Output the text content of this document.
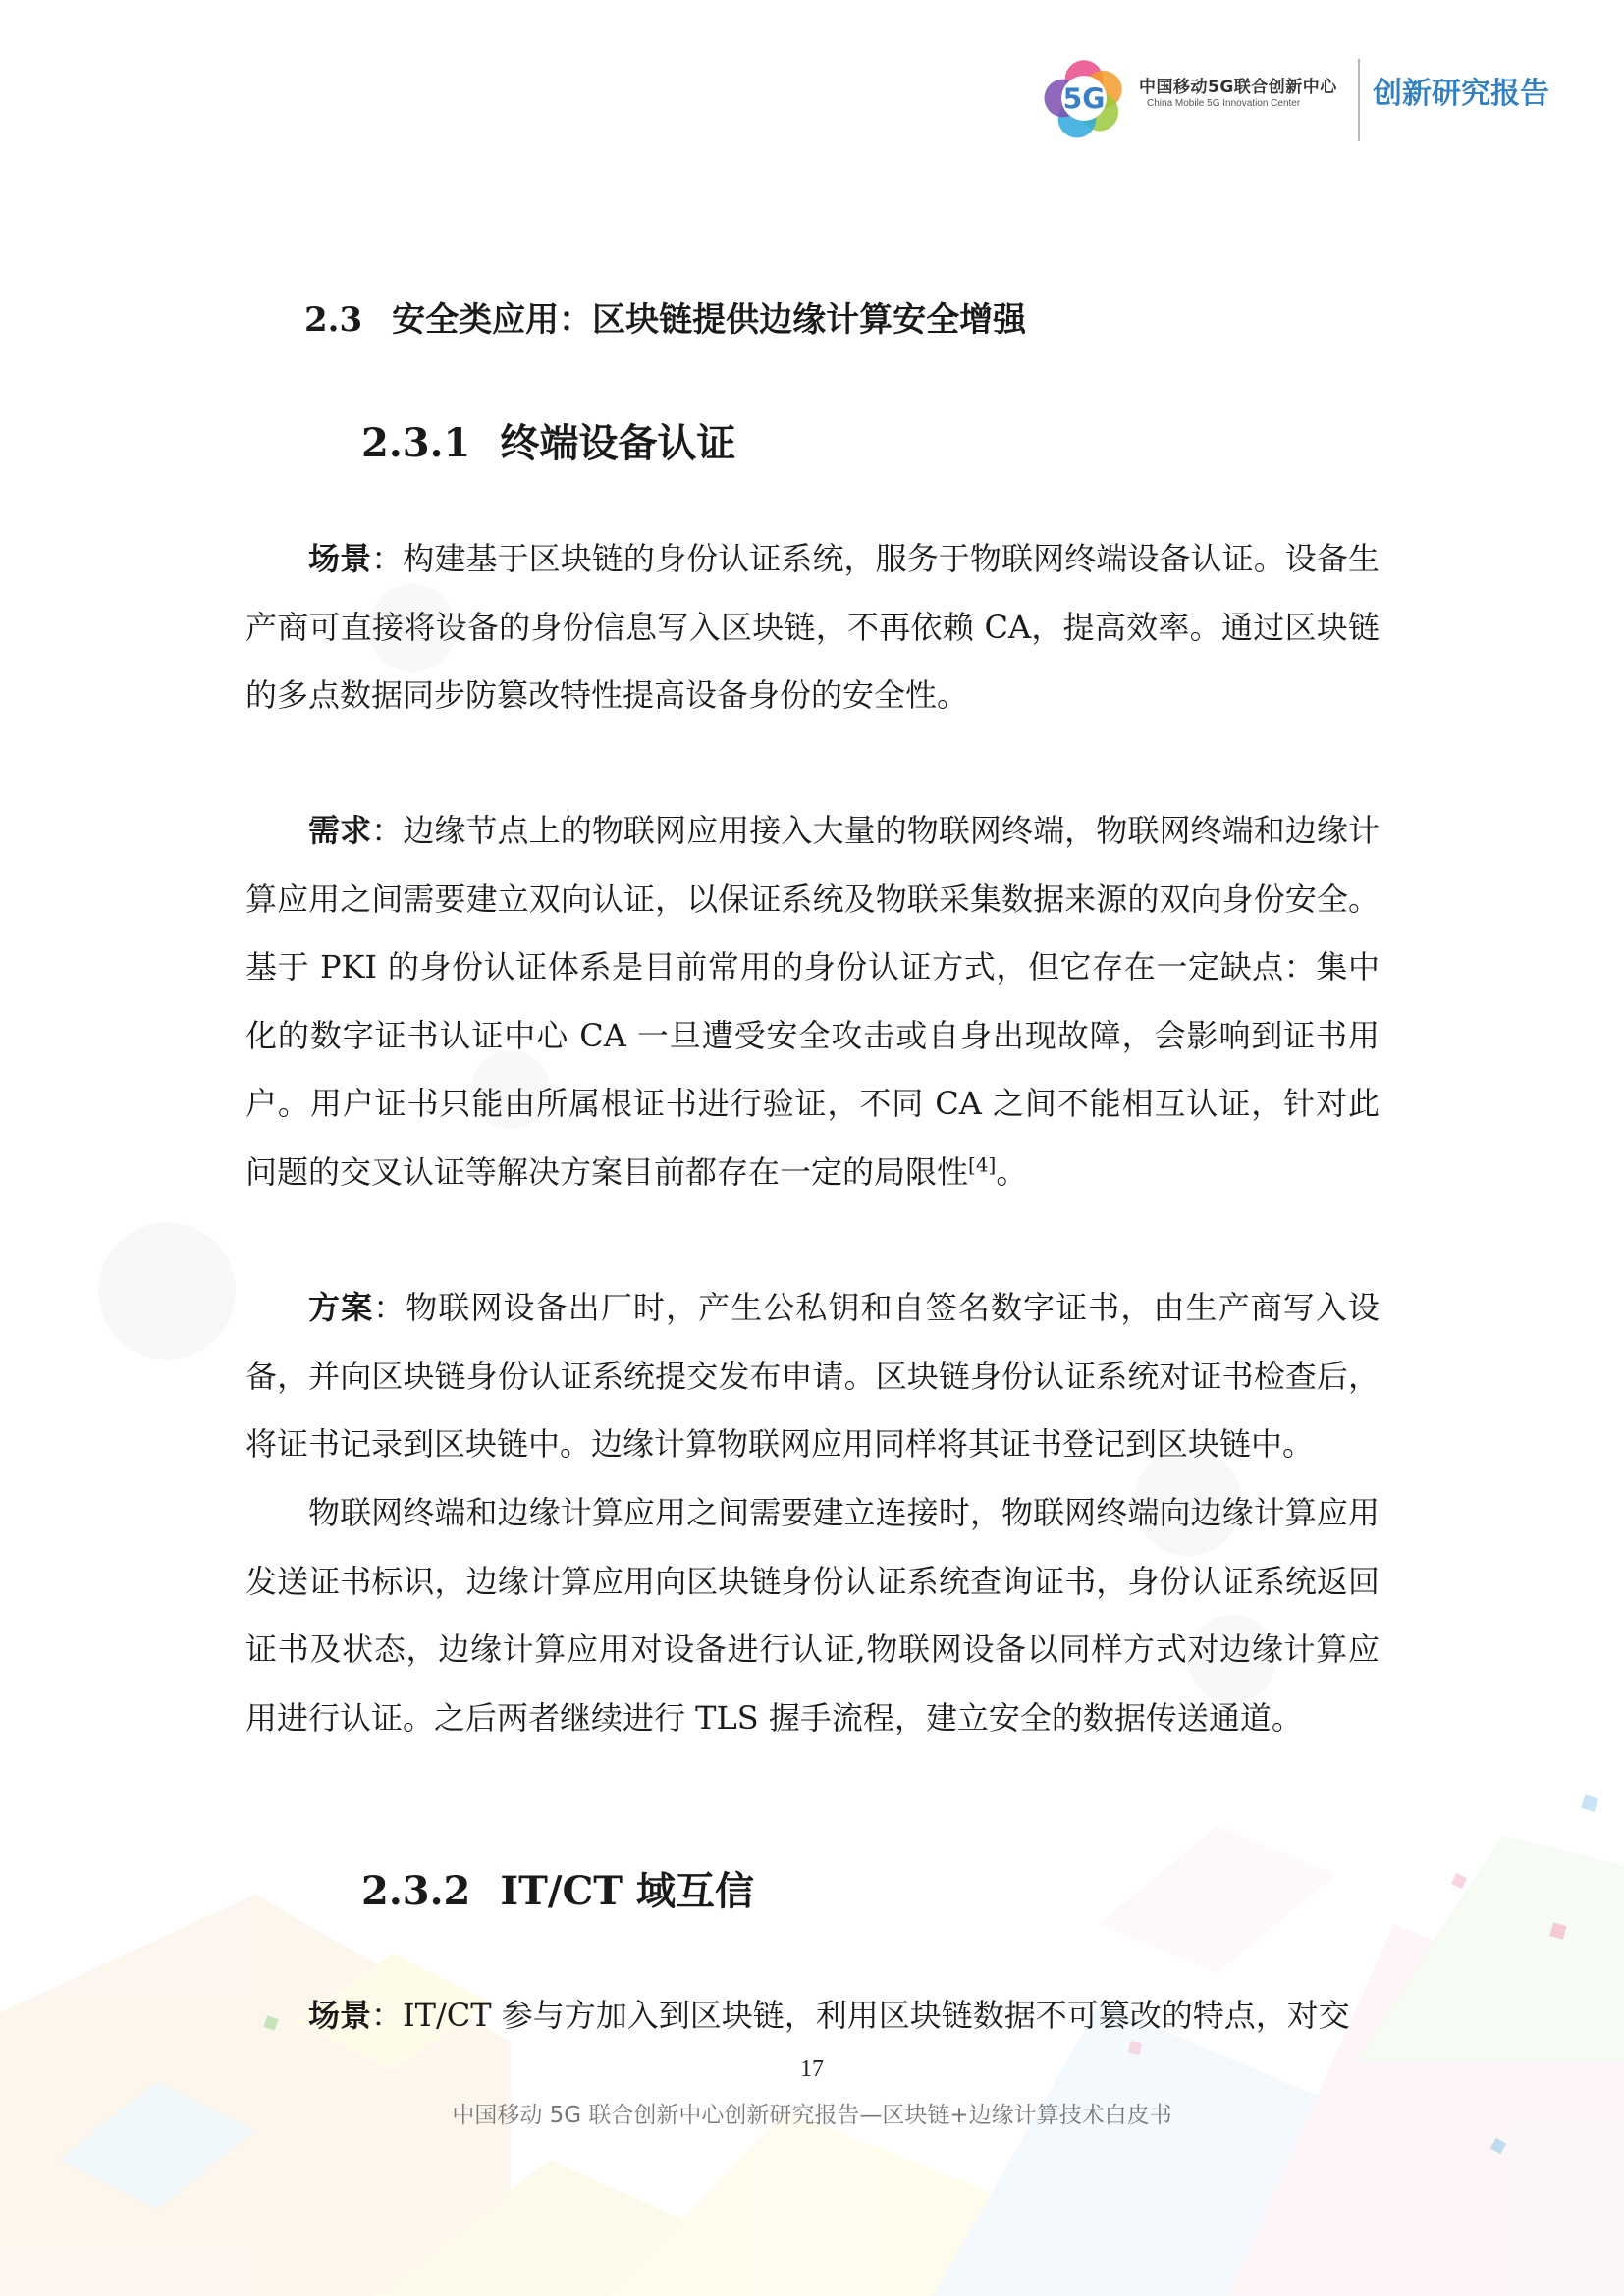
5G 中国移动5G联合创新中心
China Mobile 5G Innovation Center 创新研究报告
2.3 安全类应用：区块链提供边缘计算安全增强
2.3.1 终端设备认证

场景：构建基于区块链的身份认证系统，服务于物联网终端设备认证。设备生产商可直接将设备的身份信息写入区块链，不再依赖 CA，提高效率。通过区块链的多点数据同步防篡改特性提高设备身份的安全性。

需求：边缘节点上的物联网应用接入大量的物联网终端，物联网终端和边缘计算应用之间需要建立双向认证，以保证系统及物联采集数据来源的双向身份安全。基于 PKI 的身份认证体系是目前常用的身份认证方式，但它存在一定缺点：集中化的数字证书认证中心 CA 一旦遭受安全攻击或自身出现故障，会影响到证书用户。用户证书只能由所属根证书进行验证，不同 CA 之间不能相互认证，针对此问题的交叉认证等解决方案目前都存在一定的局限性[4]。

方案：物联网设备出厂时，产生公私钥和自签名数字证书，由生产商写入设备，并向区块链身份认证系统提交发布申请。区块链身份认证系统对证书检查后，将证书记录到区块链中。边缘计算物联网应用同样将其证书登记到区块链中。

物联网终端和边缘计算应用之间需要建立连接时，物联网终端向边缘计算应用发送证书标识，边缘计算应用向区块链身份认证系统查询证书，身份认证系统返回证书及状态，边缘计算应用对设备进行认证,物联网设备以同样方式对边缘计算应用进行认证。之后两者继续进行 TLS 握手流程，建立安全的数据传送通道。

2.3.2 IT/CT 域互信

场景：IT/CT 参与方加入到区块链，利用区块链数据不可篡改的特点，对交

17
中国移动 5G 联合创新中心创新研究报告—区块链+边缘计算技术白皮书
